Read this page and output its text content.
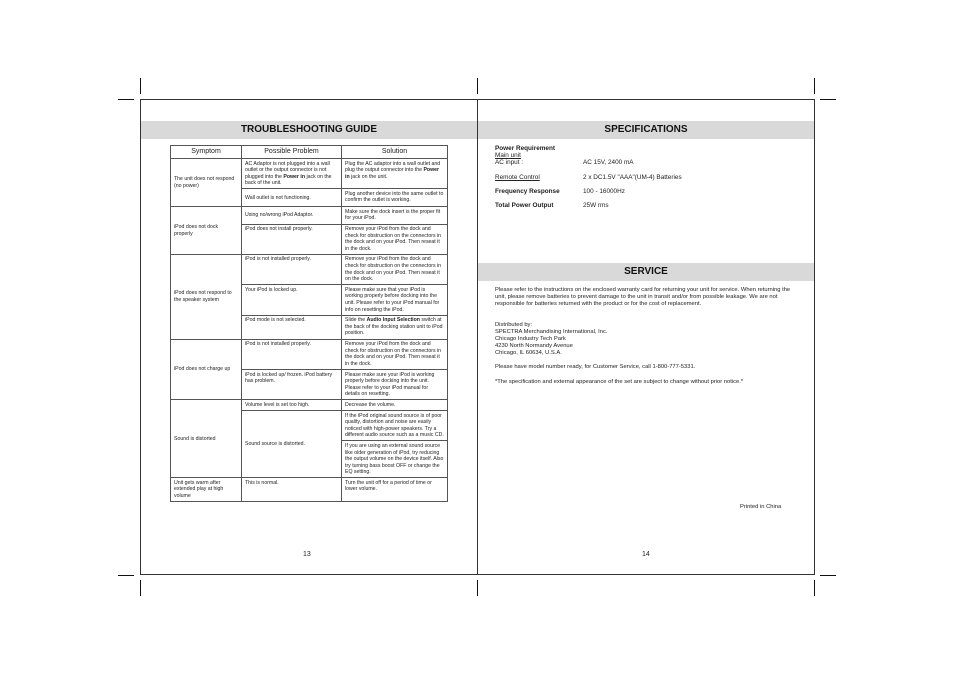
TROUBLESHOOTING GUIDE
Symptom	Possible Problem	Solution
The unit does not respond (no power)	AC Adaptor is not plugged into a wall outlet or the output connector is not plugged into the Power in jack on the back of the unit.	Plug the AC adaptor into a wall outlet and plug the output connector into the Power in jack on the unit.
	Wall outlet is not functioning.	Plug another device into the same outlet to confirm the outlet is working.
iPod does not dock properly	Using no/wrong iPod Adaptor.	Make sure the dock insert is the proper fit for your iPod.
	iPod does not install properly.	Remove your iPod from the dock and check for obstruction on the connectors in the dock and on your iPod. Then reseat it in the dock.
iPod does not respond to the speaker system	iPod is not installed properly.	Remove your iPod from the dock and check for obstruction on the connectors in the dock and on your iPod. Then reseat it on the dock.
	Your iPod is locked up.	Please make sure that your iPod is working properly before docking into the unit. Please refer to your iPod manual for info on resetting the iPod.
	iPod mode is not selected.	Slide the Audio Input Selection switch at the back of the docking station unit to iPod position.
iPod does not charge up	iPod is not installed properly.	Remove your iPod from the dock and check for obstruction on the connectors in the dock and on your iPod. Then reseat it in the dock.
	iPod is locked up/ frozen. iPod battery has problem.	Please make sure your iPod is working properly before docking into the unit. Please refer to your iPod manual for details on resetting.
Sound is distorted	Volume level is set too high.	Decrease the volume.
	Sound source is distorted.	If the iPod original sound source is of poor quality, distortion and noise are easily noticed with high-power speakers. Try a different audio source such as a music CD.
		If you are using an external sound source like older generation of iPod, try reducing the output volume on the device itself. Also try turning bass boost OFF or change the EQ setting.
Unit gets warm after extended play at high volume	This is normal.	Turn the unit off for a period of time or lower volume.
13
SPECIFICATIONS
Power Requirement
Main unit
AC input :	AC 15V, 2400 mA
Remote Control	2 x DC1.5V "AAA"(UM-4) Batteries
Frequency Response	100 - 16000Hz
Total Power Output	25W rms
SERVICE
Please refer to the instructions on the enclosed warranty card for returning your unit for service. When returning the unit, please remove batteries to prevent damage to the unit in transit and/or from possible leakage. We are not responsible for batteries returned with the product or for the cost of replacement.
Distributed by:
SPECTRA Merchandising International, Inc.
Chicago Industry Tech Park
4230 North Normandy Avenue
Chicago, IL 60634, U.S.A.
Please have model number ready, for Customer Service, call 1-800-777-5331.
*The specification and external appearance of the set are subject to change without prior notice.*
Printed in China
14
